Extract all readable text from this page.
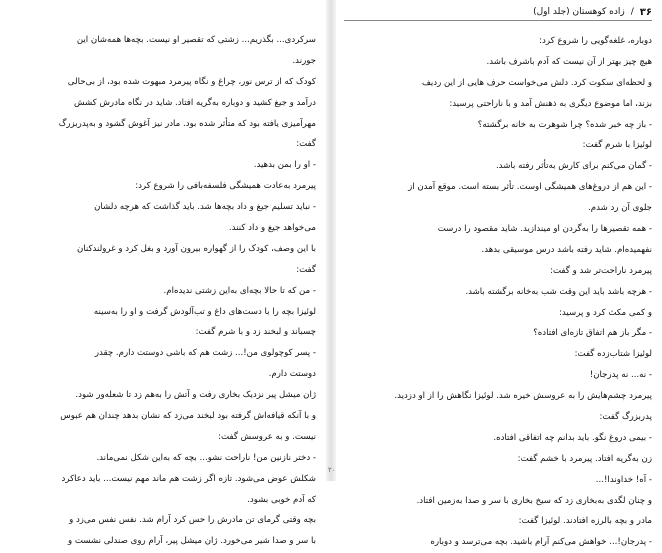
سرکردی... بگذریم... زشتی که تقصیر او نیست. بچه‌ها همه‌شان این
جورند.
کودک که از ترس نور، چراغ و نگاه پیرمرد مبهوت شده بود، از بی‌حالی
درآمد و جیغ کشید و دوباره به‌گریه افتاد. شاید در نگاه مادرش کشش
مهرآمیزی یافته بود که متأثر شده بود. مادر نیز آغوش گشود و به‌پدربزرگ
گفت:
- او را بمن بدهید.
پیرمرد به‌عادت همیشگی فلسفه‌بافی را شروع کرد:
- نباید تسلیم جیغ و داد بچه‌ها شد. باید گذاشت که هرچه دلشان
می‌خواهد جیغ و داد کنند.
با این وصف، کودک را از گهواره بیرون آورد و بغل کرد و غرولندکنان
گفت:
- من که تا حالا بچه‌ای به‌این زشتی ندیده‌ام.
لوئیزا بچه را با دست‌های داغ و تب‌آلودش گرفت و او را به‌سینه
چسباند و لبخند زد و با شرم گفت:
- پسر کوچولوی من!... زشت هم که باشی دوستت دارم. چقدر
دوستت دارم.
ژان میشل پیر نزدیک بخاری رفت و آتش را به‌هم زد تا شعله‌ور شود.
و با آنکه قیافه‌اش گرفته بود لبخند می‌زد که نشان بدهد چندان هم عبوس
نیست. و به عروسش گفت:
- دختر نازنین من! ناراحت نشو... بچه که به‌این شکل نمی‌ماند.
شکلش عوض می‌شود. تازه اگر زشت هم ماند مهم نیست... باید دعاکرد
که آدم خوبی بشود.
بچه وقتی گرمای تن مادرش را حس کرد آرام شد. نفس نفس می‌زد و
با سر و صدا شیر می‌خورد. ژان میشل پیر، آرام روی صندلی نشست و
۲۰
۳۶
/
زاده کوهستان (جلد اول)
دوباره، غلغه‌گویی را شروع کرد:
هیچ چیز بهتر از آن نیست که آدم باشرف باشد.
و لحظه‌ای سکوت کرد. دلش می‌خواست حرف هایی از این ردیف
بزند، اما موضوع دیگری به ذهنش آمد و با ناراحتی پرسید:
- باز چه خبر شده؟ چرا شوهرت به خانه برگشته؟
لوئیزا با شرم گفت:
- گمان می‌کنم برای کارش به‌تأثر رفته باشد.
- این هم از دروغ‌های همیشگی اوست. تأثر بسته است. موقع آمدن از
جلوی آن رد شدم.
- همه تقصیرها را به‌گردن او میندازید. شاید مقصود را درست
نفهمیده‌ام. شاید رفته باشد درس موسیقی بدهد.
پیرمرد ناراحت‌تر شد و گفت:
- هرچه باشد باید این وقت شب به‌خانه برگشته باشد.
و کمی مکث کرد و پرسید:
- مگر باز هم اتفاق تازه‌ای افتاده؟
لوئیزا شتاب‌زده گفت:
- نه... نه پدرجان!
پیرمرد چشم‌هایش را به عروسش خیره شد. لوئیزا نگاهش را از او دزدید.
پدربزرگ گفت:
- بیمی دروغ نگو. باید بدانم چه اتفاقی افتاده.
زن به‌گریه افتاد. پیرمرد با خشم گفت:
- آه! خداوندا!...
و چنان لگدی به‌بخاری زد که سیخ بخاری با سر و صدا به‌زمین افتاد.
مادر و بچه با‌لرزه افتادند. لوئیزا گفت:
- پدرجان!... خواهش می‌کنم آرام باشید. بچه می‌ترسد و دوباره
